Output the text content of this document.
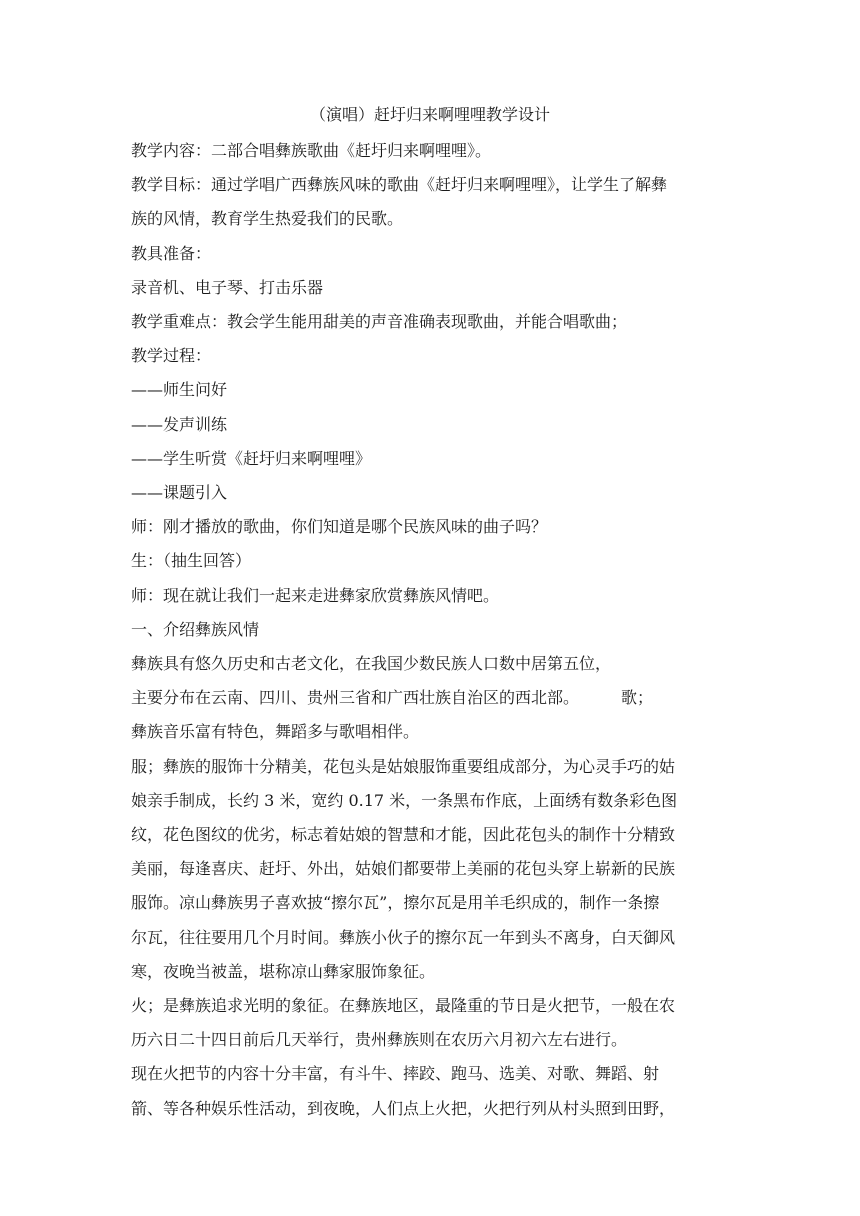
（演唱）赶圩归来啊哩哩教学设计
教学内容：二部合唱彝族歌曲《赶圩归来啊哩哩》。
教学目标：通过学唱广西彝族风味的歌曲《赶圩归来啊哩哩》，让学生了解彝
族的风情，教育学生热爱我们的民歌。
教具准备：
录音机、电子琴、打击乐器
教学重难点：教会学生能用甜美的声音准确表现歌曲，并能合唱歌曲；
教学过程：
——师生问好
——发声训练
——学生听赏《赶圩归来啊哩哩》
——课题引入
师：刚才播放的歌曲，你们知道是哪个民族风味的曲子吗？
生：（抽生回答）
师：现在就让我们一起来走进彝家欣赏彝族风情吧。
一、介绍彝族风情
彝族具有悠久历史和古老文化，在我国少数民族人口数中居第五位，
主要分布在云南、四川、贵州三省和广西壮族自治区的西北部。	歌；
彝族音乐富有特色，舞蹈多与歌唱相伴。
服；彝族的服饰十分精美，花包头是姑娘服饰重要组成部分，为心灵手巧的姑
娘亲手制成，长约 3 米，宽约 0.17 米，一条黑布作底，上面绣有数条彩色图
纹，花色图纹的优劣，标志着姑娘的智慧和才能，因此花包头的制作十分精致
美丽，每逢喜庆、赶圩、外出，姑娘们都要带上美丽的花包头穿上崭新的民族
服饰。凉山彝族男子喜欢披“擦尔瓦”，擦尔瓦是用羊毛织成的，制作一条擦
尔瓦，往往要用几个月时间。彝族小伙子的擦尔瓦一年到头不离身，白天御风
寒，夜晚当被盖，堪称凉山彝家服饰象征。
火；是彝族追求光明的象征。在彝族地区，最隆重的节日是火把节，一般在农
历六日二十四日前后几天举行，贵州彝族则在农历六月初六左右进行。
现在火把节的内容十分丰富，有斗牛、摔跤、跑马、选美、对歌、舞蹈、射
箭、等各种娱乐性活动，到夜晚，人们点上火把，火把行列从村头照到田野，
